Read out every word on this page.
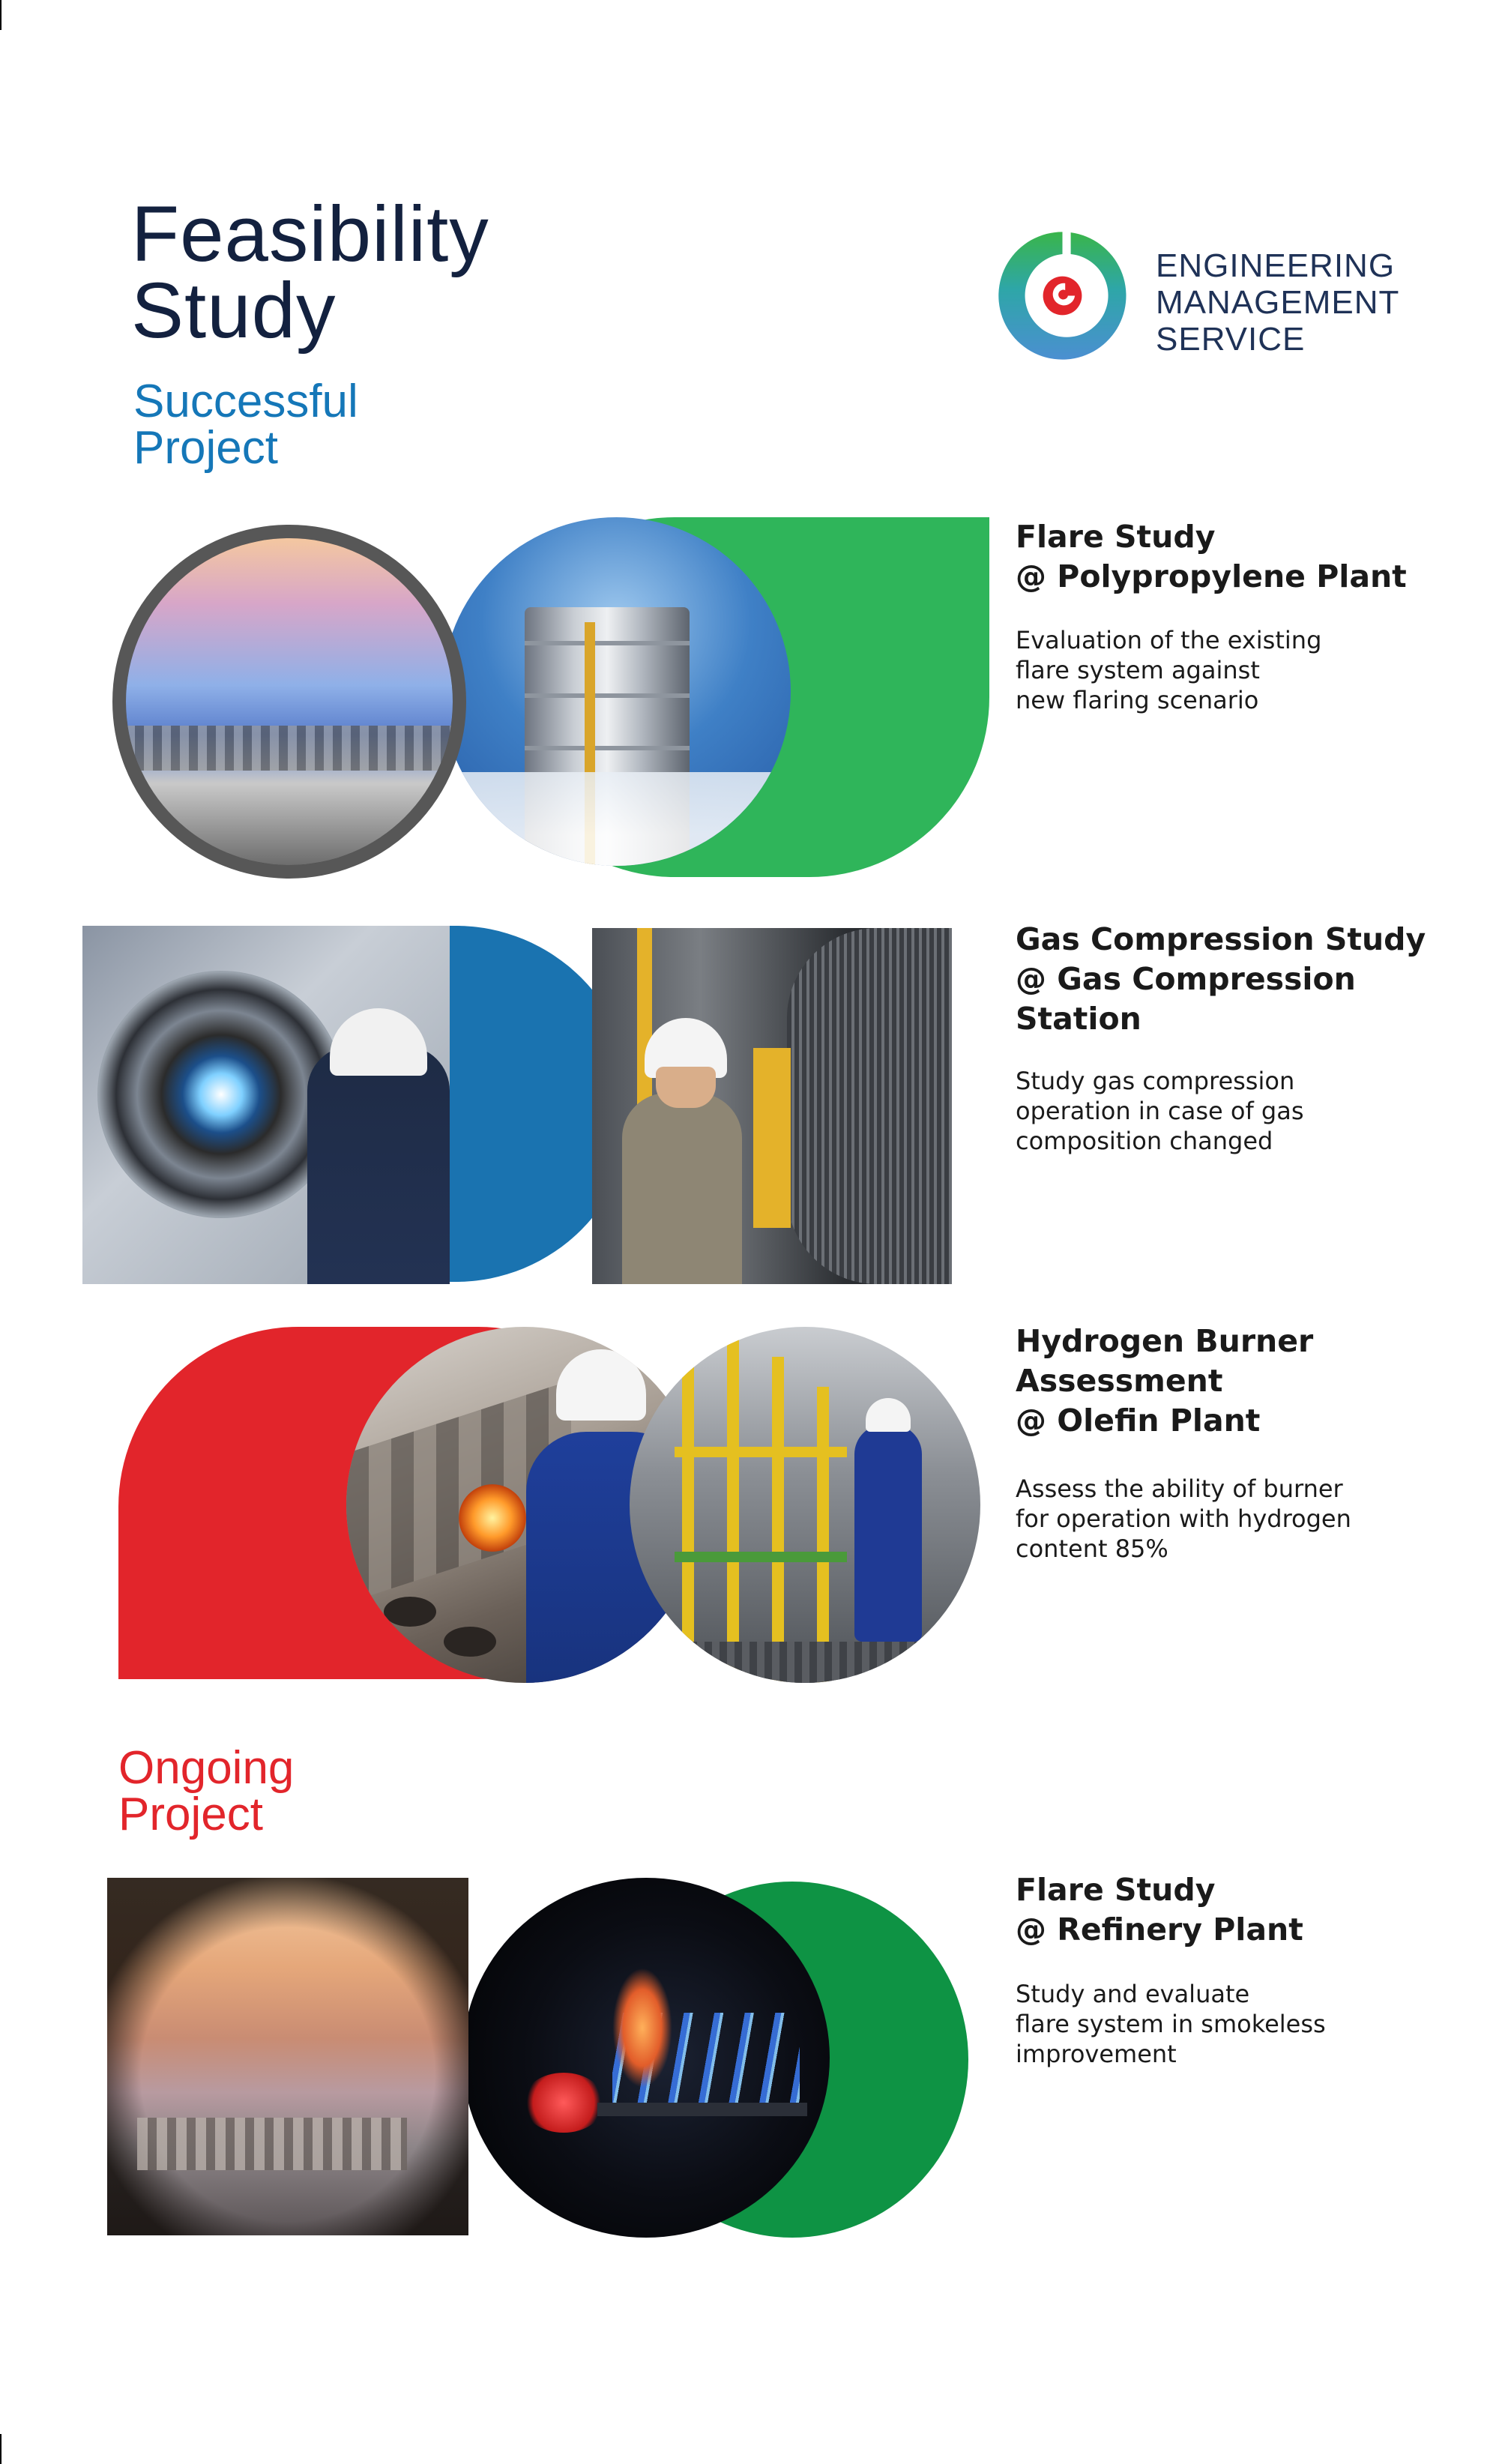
Feasibility
Study
Successful
Project
ENGINEERING
MANAGEMENT
SERVICE
Flare Study
@ Polypropylene Plant
Evaluation of the existing
flare system against
new flaring scenario
Gas Compression Study
@ Gas Compression
Station
Study gas compression
operation in case of gas
composition changed
Hydrogen Burner
Assessment
@ Olefin Plant
Assess the ability of burner
for operation with hydrogen
content 85%
Ongoing
Project
Flare Study
@ Refinery Plant
Study and evaluate
flare system in smokeless
improvement
